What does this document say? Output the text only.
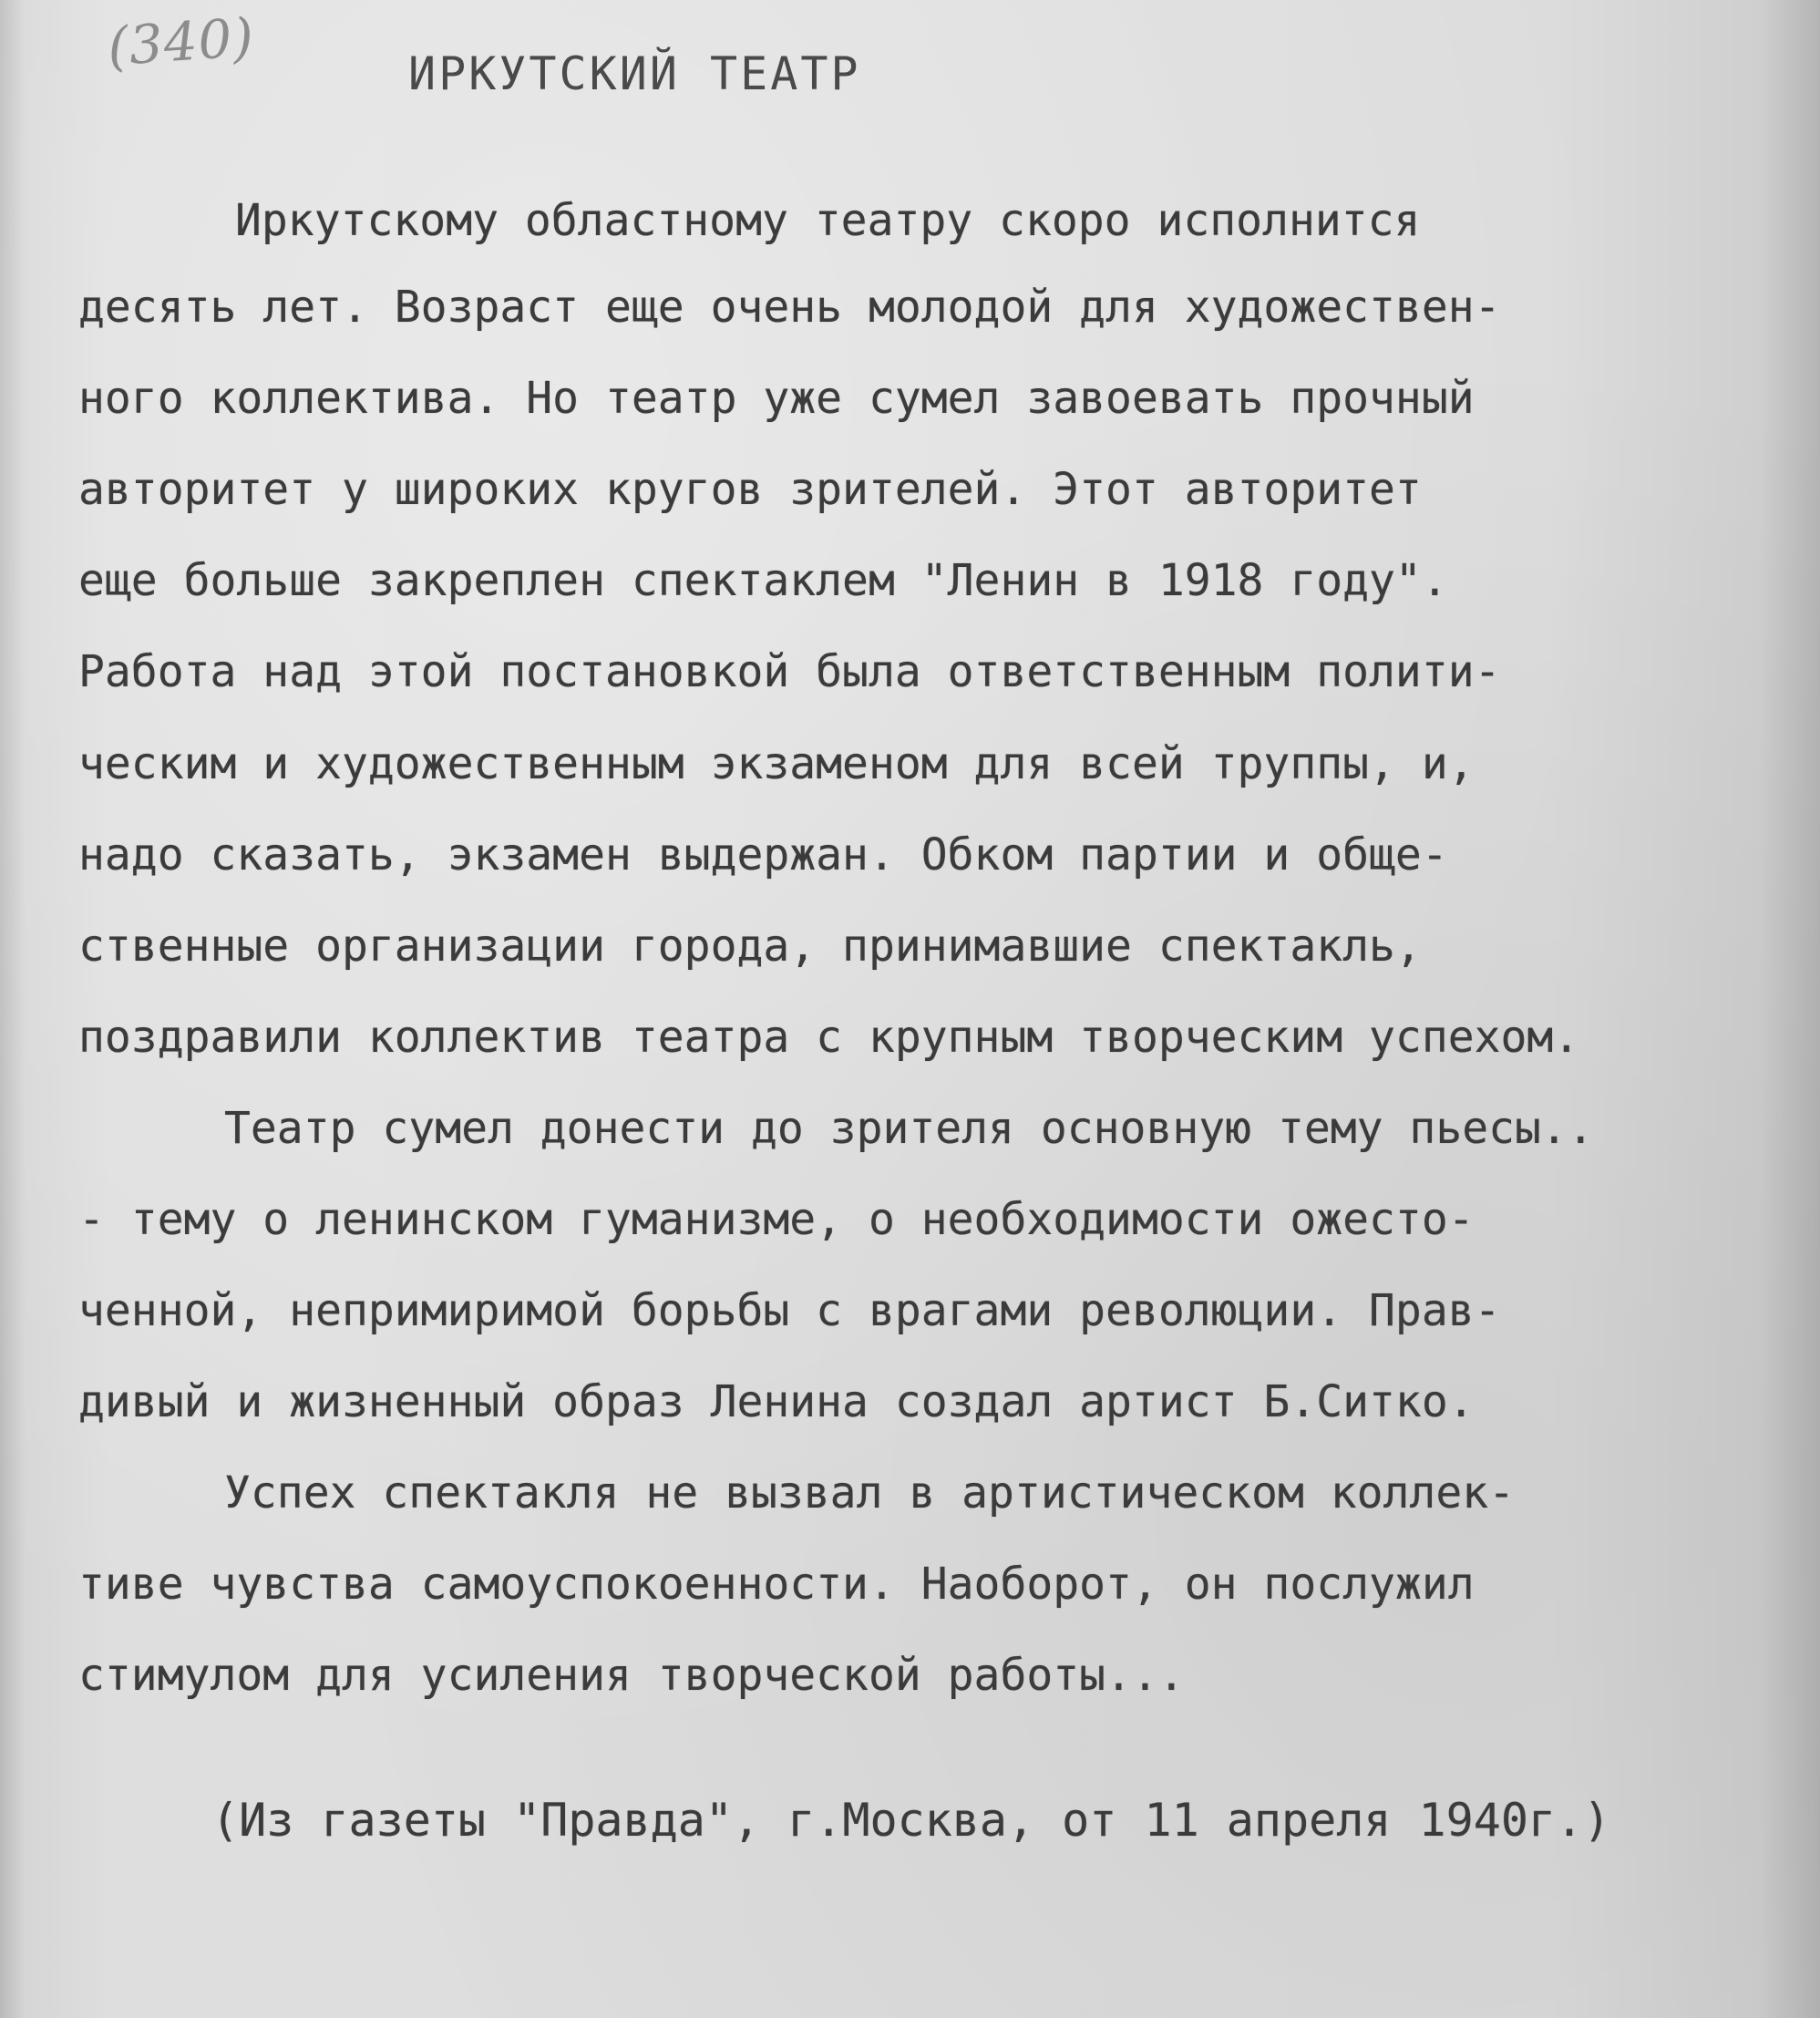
(340)	ИРКУТСКИЙ ТЕАТР
Иркутскому областному театру скоро исполнится
десять лет. Возраст еще очень молодой для художествен-
ного коллектива. Но театр уже сумел завоевать прочный
авторитет у широких кругов зрителей. Этот авторитет
еще больше закреплен спектаклем "Ленин в 1918 году".
Работа над этой постановкой была ответственным полити-
ческим и художественным экзаменом для всей труппы, и,
надо сказать, экзамен выдержан. Обком партии и обще-
ственные организации города, принимавшие спектакль,
поздравили коллектив театра с крупным творческим успехом.
Театр сумел донести до зрителя основную тему пьесы..
- тему о ленинском гуманизме, о необходимости ожесто-
ченной, непримиримой борьбы с врагами революции. Прав-
дивый и жизненный образ Ленина создал артист Б.Ситко.
Успех спектакля не вызвал в артистическом коллек-
тиве чувства самоуспокоенности. Наоборот, он послужил
стимулом для усиления творческой работы...
(Из газеты "Правда", г.Москва, от 11 апреля 1940г.)
